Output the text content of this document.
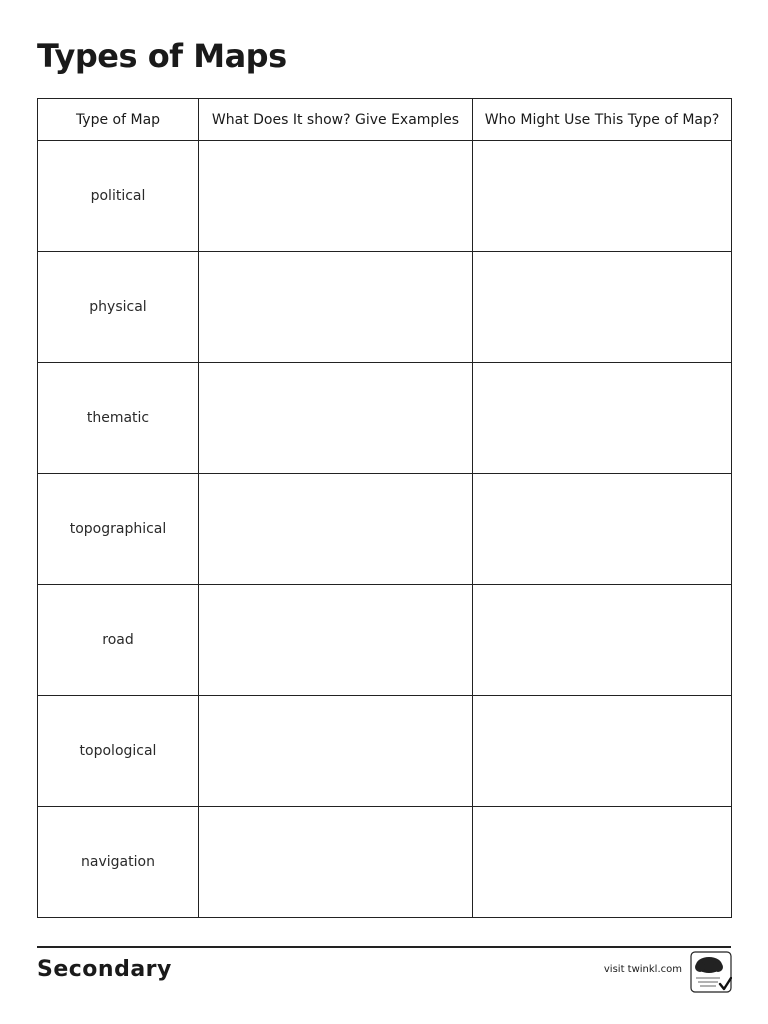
Types of Maps
Type of Map	What Does It show? Give Examples	Who Might Use This Type of Map?
political		
physical		
thematic		
topographical		
road		
topological		
navigation		
Secondary	visit twinkl.com
